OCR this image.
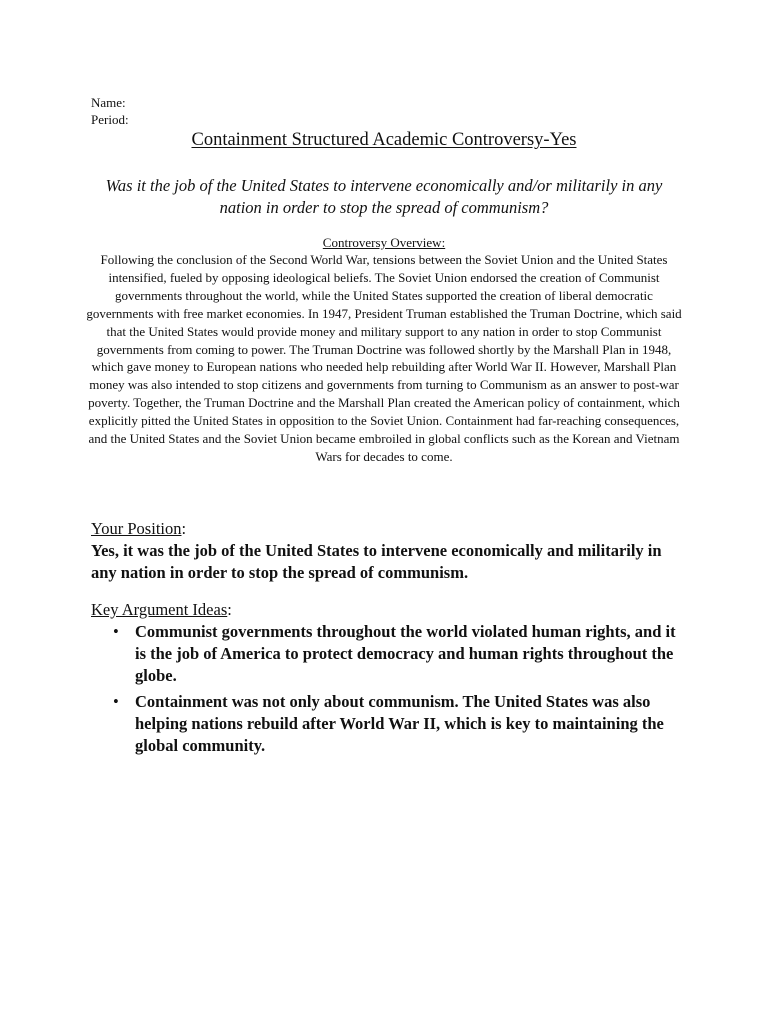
Name:
Period:
Containment Structured Academic Controversy-Yes

Was it the job of the United States to intervene economically and/or militarily in any nation in order to stop the spread of communism?

Controversy Overview:

Following the conclusion of the Second World War, tensions between the Soviet Union and the United States intensified, fueled by opposing ideological beliefs. The Soviet Union endorsed the creation of Communist governments throughout the world, while the United States supported the creation of liberal democratic governments with free market economies. In 1947, President Truman established the Truman Doctrine, which said that the United States would provide money and military support to any nation in order to stop Communist governments from coming to power. The Truman Doctrine was followed shortly by the Marshall Plan in 1948, which gave money to European nations who needed help rebuilding after World War II. However, Marshall Plan money was also intended to stop citizens and governments from turning to Communism as an answer to post-war poverty. Together, the Truman Doctrine and the Marshall Plan created the American policy of containment, which explicitly pitted the United States in opposition to the Soviet Union. Containment had far-reaching consequences, and the United States and the Soviet Union became embroiled in global conflicts such as the Korean and Vietnam Wars for decades to come.

Your Position:

Yes, it was the job of the United States to intervene economically and militarily in any nation in order to stop the spread of communism.

Key Argument Ideas:
• Communist governments throughout the world violated human rights, and it is the job of America to protect democracy and human rights throughout the globe.
• Containment was not only about communism. The United States was also helping nations rebuild after World War II, which is key to maintaining the global community.
